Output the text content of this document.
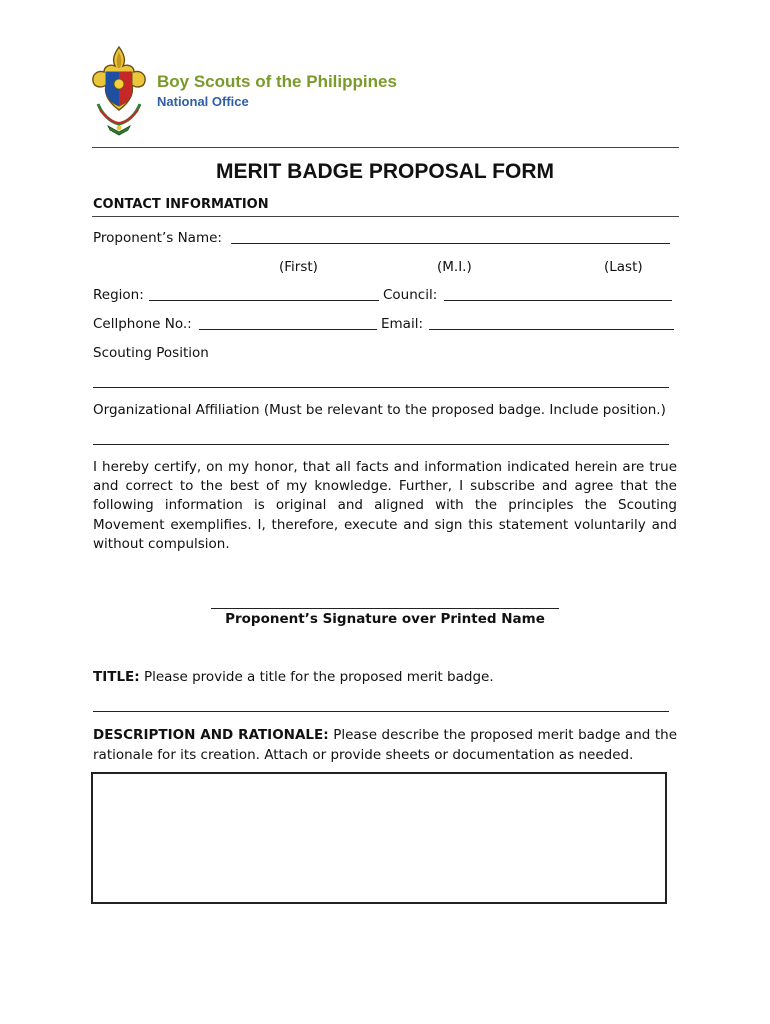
Boy Scouts of the Philippines
National Office
MERIT BADGE PROPOSAL FORM
CONTACT INFORMATION
Proponent’s Name:
(First)	(M.I.)	(Last)
Region:	Council:
Cellphone No.:	Email:
Scouting Position
Organizational Affiliation (Must be relevant to the proposed badge. Include position.)
I hereby certify, on my honor, that all facts and information indicated herein are true and correct to the best of my knowledge. Further, I subscribe and agree that the following information is original and aligned with the principles the Scouting Movement exemplifies. I, therefore, execute and sign this statement voluntarily and without compulsion.
Proponent’s Signature over Printed Name
TITLE: Please provide a title for the proposed merit badge.
DESCRIPTION AND RATIONALE: Please describe the proposed merit badge and the rationale for its creation. Attach or provide sheets or documentation as needed.
